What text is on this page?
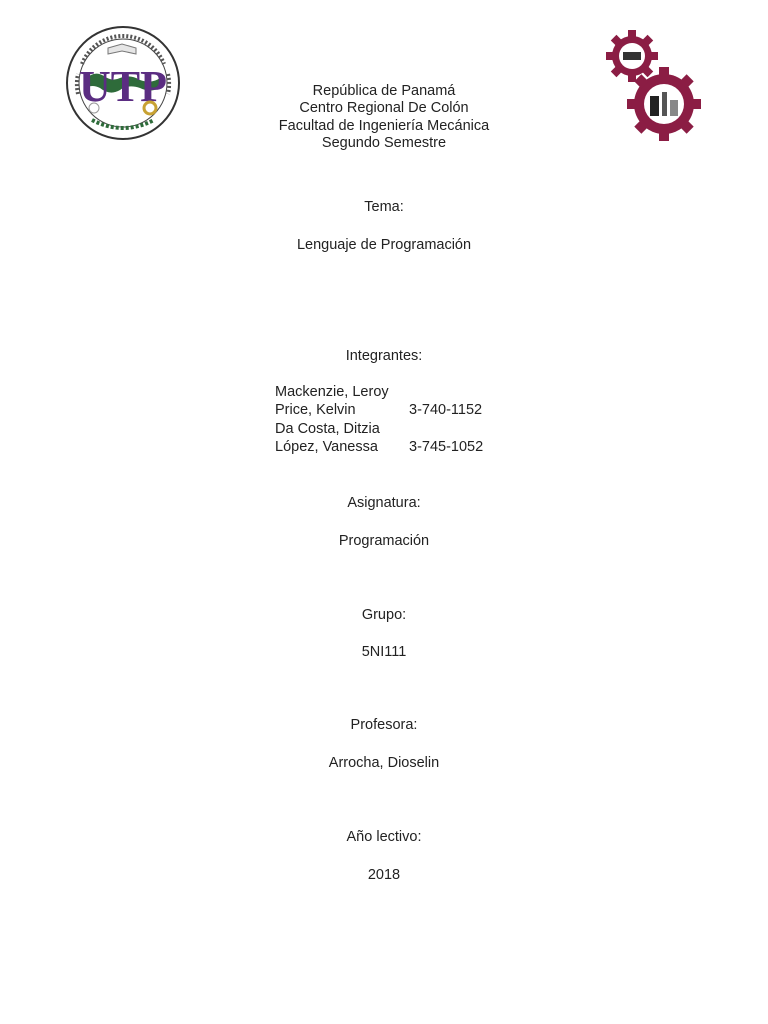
UTP	República de Panamá
Centro Regional De Colón
Facultad de Ingeniería Mecánica
Segundo Semestre
Tema:
Lenguaje de Programación
Integrantes:
Mackenzie, Leroy
Price, Kelvin	3-740-1152
Da Costa, Ditzia
López, Vanessa	3-745-1052
Asignatura:
Programación
Grupo:
5NI111
Profesora:
Arrocha, Dioselin
Año lectivo:
2018
